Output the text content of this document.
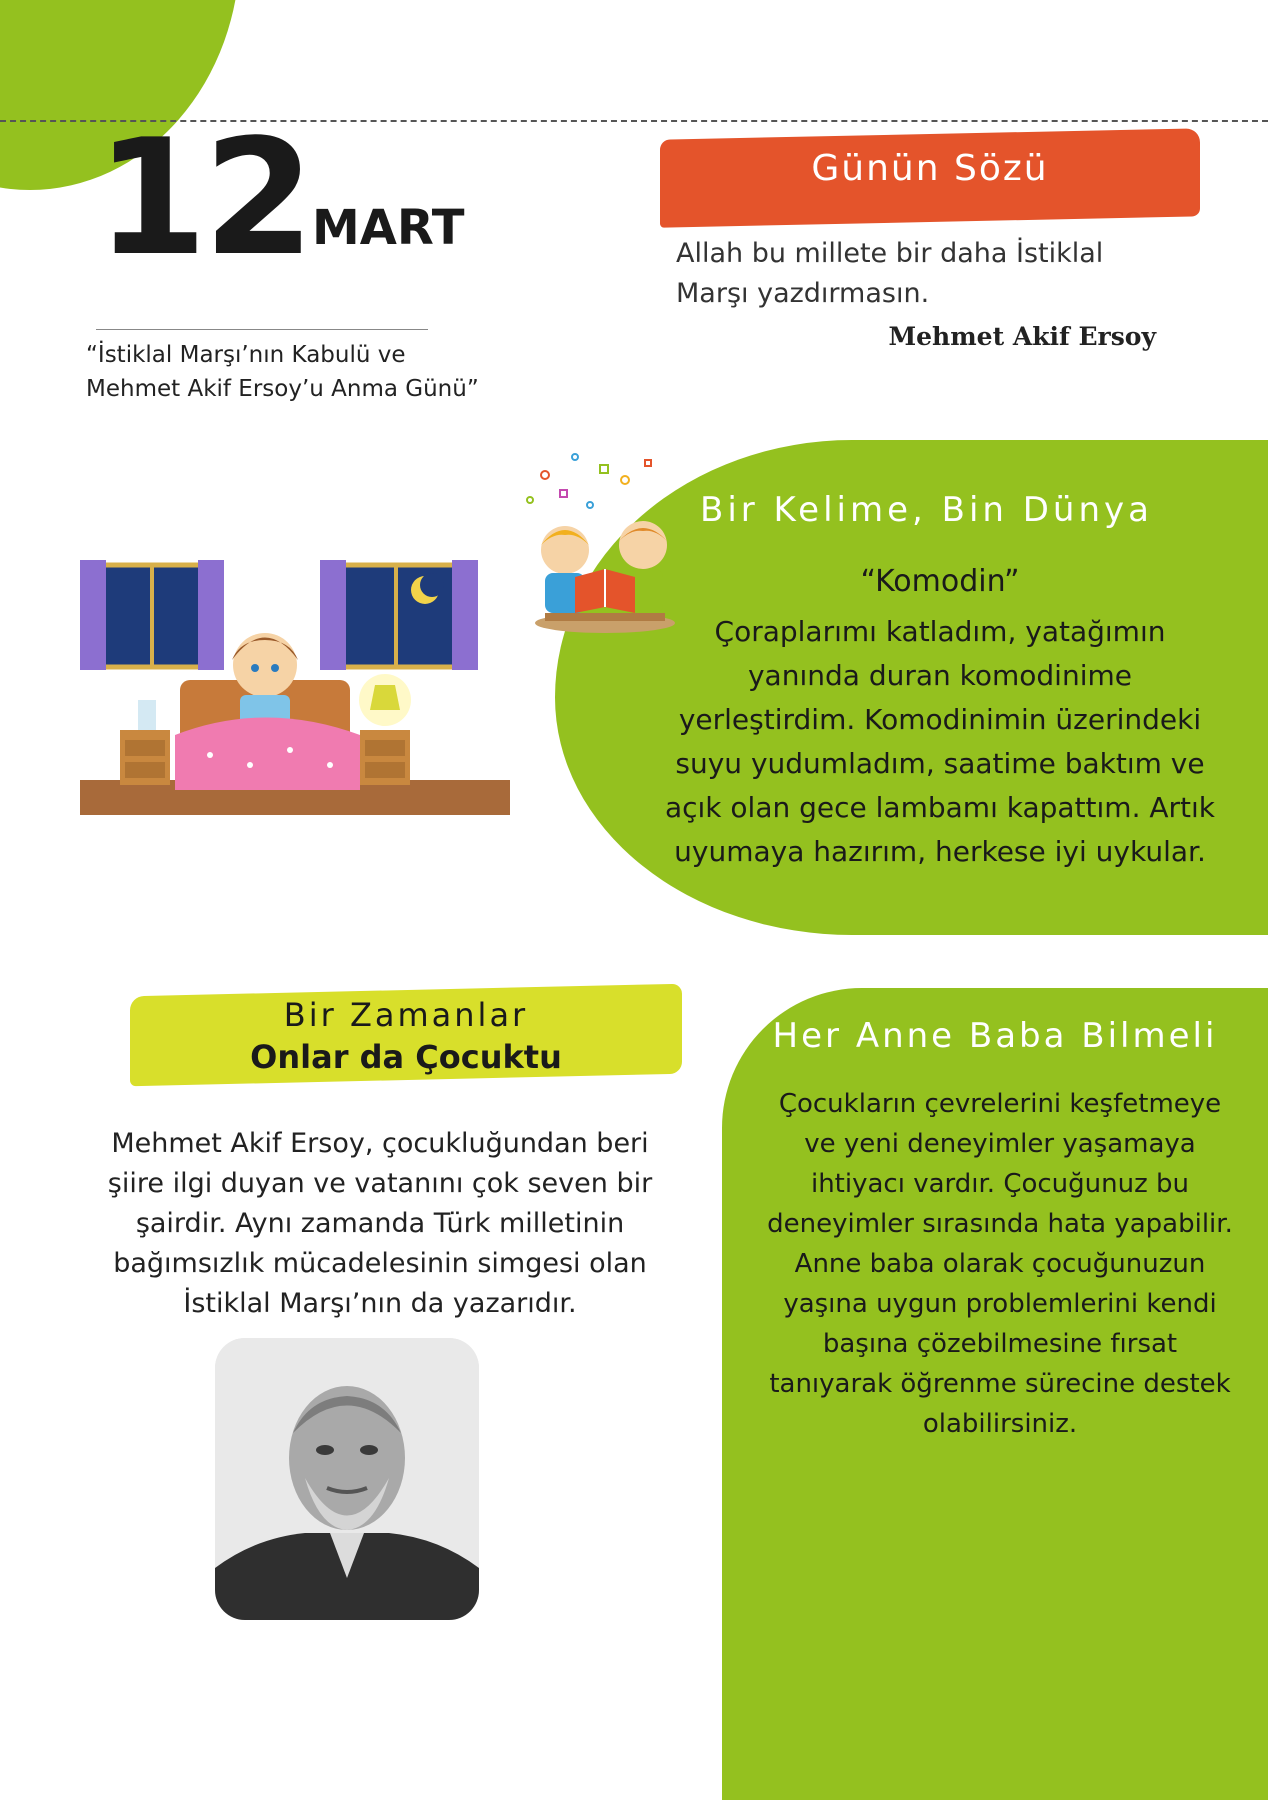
12 MART
“İstiklal Marşı’nın Kabulü ve
Mehmet Akif Ersoy’u Anma Günü”
Günün Sözü
Allah bu millete bir daha İstiklal Marşı yazdırmasın.
Mehmet Akif Ersoy
Bir Kelime, Bin Dünya
“Komodin”
Çoraplarımı katladım, yatağımın yanında duran komodinime yerleştirdim. Komodinimin üzerindeki suyu yudumladım, saatime baktım ve açık olan gece lambamı kapattım. Artık uyumaya hazırım, herkese iyi uykular.
Bir Zamanlar
Onlar da Çocuktu
Mehmet Akif Ersoy, çocukluğundan beri şiire ilgi duyan ve vatanını çok seven bir şairdir. Aynı zamanda Türk milletinin bağımsızlık mücadelesinin simgesi olan İstiklal Marşı’nın da yazarıdır.
Her Anne Baba Bilmeli
Çocukların çevrelerini keşfetmeye ve yeni deneyimler yaşamaya ihtiyacı vardır. Çocuğunuz bu deneyimler sırasında hata yapabilir. Anne baba olarak çocuğunuzun yaşına uygun problemlerini kendi başına çözebilmesine fırsat tanıyarak öğrenme sürecine destek olabilirsiniz.
